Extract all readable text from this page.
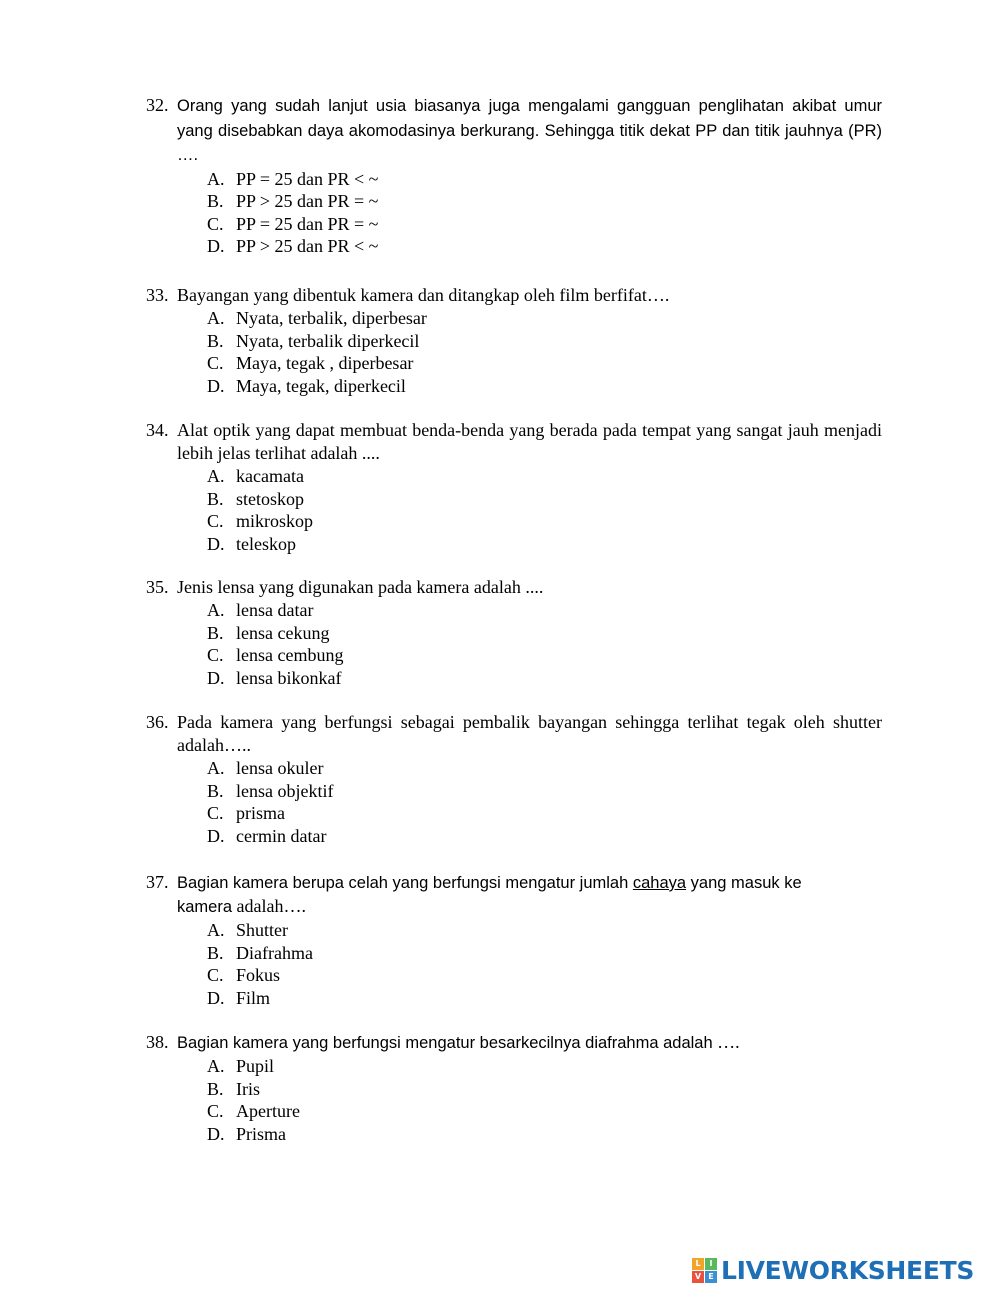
32. Orang yang sudah lanjut usia biasanya juga mengalami gangguan penglihatan akibat umur yang disebabkan daya akomodasinya berkurang. Sehingga titik dekat PP dan titik jauhnya (PR) ….
A. PP = 25 dan PR < ~
B. PP > 25 dan PR = ~
C. PP = 25 dan PR = ~
D. PP > 25 dan PR < ~
33. Bayangan yang dibentuk kamera dan ditangkap oleh film berfifat….
A. Nyata, terbalik, diperbesar
B. Nyata, terbalik diperkecil
C. Maya, tegak , diperbesar
D. Maya, tegak, diperkecil
34. Alat optik yang dapat membuat benda-benda yang berada pada tempat yang sangat jauh menjadi lebih jelas terlihat adalah ....
A. kacamata
B. stetoskop
C. mikroskop
D. teleskop
35. Jenis lensa yang digunakan pada kamera adalah ....
A. lensa datar
B. lensa cekung
C. lensa cembung
D. lensa bikonkaf
36. Pada kamera yang berfungsi sebagai pembalik bayangan sehingga terlihat tegak oleh shutter adalah…..
A. lensa okuler
B. lensa objektif
C. prisma
D. cermin datar
37. Bagian kamera berupa celah yang berfungsi mengatur jumlah cahaya yang masuk ke
kamera adalah….
A. Shutter
B. Diafrahma
C. Fokus
D. Film
38. Bagian kamera yang berfungsi mengatur besarkecilnya diafrahma adalah ….
A. Pupil
B. Iris
C. Aperture
D. Prisma
L	I
V E LIVEWORKSHEETS
